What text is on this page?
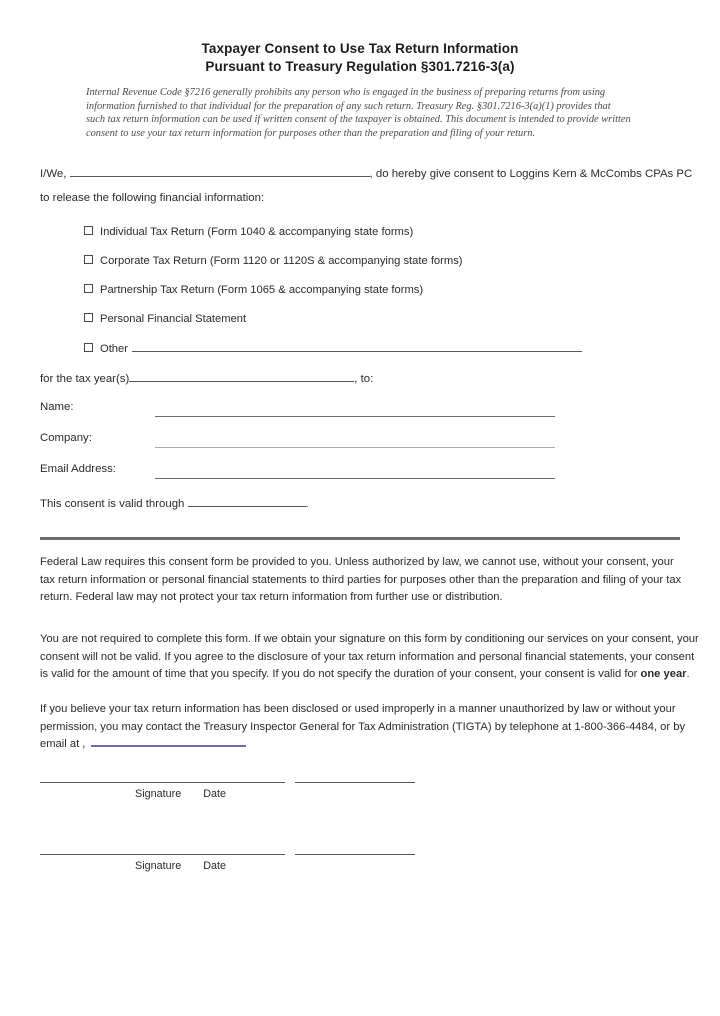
Taxpayer Consent to Use Tax Return Information
Pursuant to Treasury Regulation §301.7216-3(a)
Internal Revenue Code §7216 generally prohibits any person who is engaged in the business of preparing returns from using information furnished to that individual for the preparation of any such return. Treasury Reg. §301.7216-3(a)(1) provides that such tax return information can be used if written consent of the taxpayer is obtained. This document is intended to provide written consent to use your tax return information for purposes other than the preparation and filing of your return.
I/We,	, do hereby give consent to Loggins Kern & McCombs CPAs PC
to release the following financial information:
Individual Tax Return (Form 1040 & accompanying state forms)
Corporate Tax Return (Form 1120 or 1120S & accompanying state forms)
Partnership Tax Return (Form 1065 & accompanying state forms)
Personal Financial Statement
Other
for the tax year(s)	, to:
Name:
Company:
Email Address:
This consent is valid through	.
Federal Law requires this consent form be provided to you. Unless authorized by law, we cannot use, without your consent, your tax return information or personal financial statements to third parties for purposes other than the preparation and filing of your tax return. Federal law may not protect your tax return information from further use or distribution.
You are not required to complete this form. If we obtain your signature on this form by conditioning our services on your consent, your consent will not be valid. If you agree to the disclosure of your tax return information and personal financial statements, your consent is valid for the amount of time that you specify. If you do not specify the duration of your consent, your consent is valid for one year.
If you believe your tax return information has been disclosed or used improperly in a manner unauthorized by law or without your permission, you may contact the Treasury Inspector General for Tax Administration (TIGTA) by telephone at 1-800-366-4484, or by email at ,
Signature Date
Signature Date
